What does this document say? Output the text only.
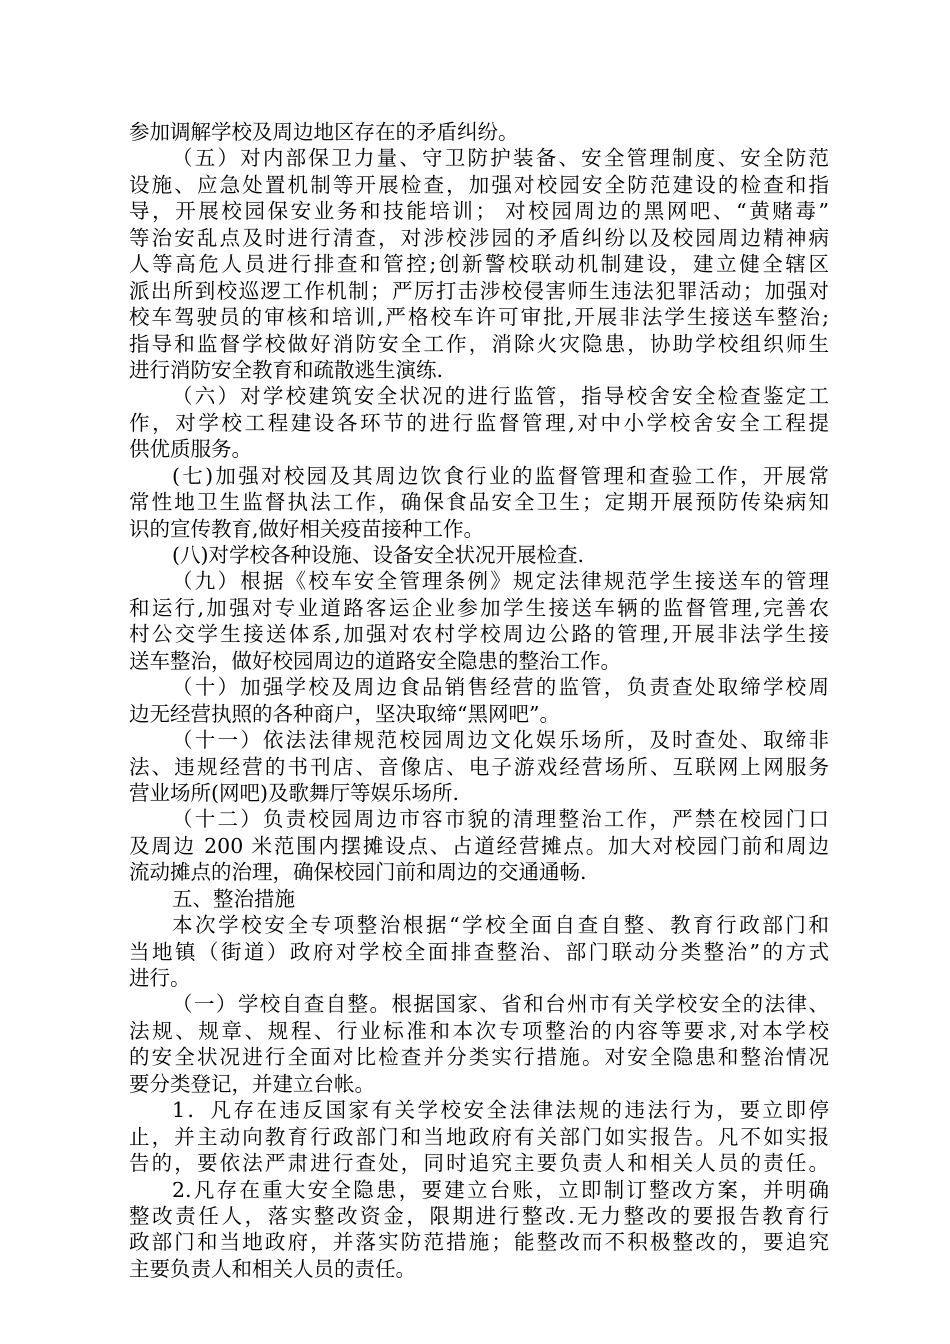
参加调解学校及周边地区存在的矛盾纠纷。
（五）对内部保卫力量、守卫防护装备、安全管理制度、安全防范
设施、应急处置机制等开展检查，加强对校园安全防范建设的检查和指
导，开展校园保安业务和技能培训； 对校园周边的黑网吧、“黄赌毒”
等治安乱点及时进行清查，对涉校涉园的矛盾纠纷以及校园周边精神病
人等高危人员进行排查和管控;创新警校联动机制建设，建立健全辖区
派出所到校巡逻工作机制；严厉打击涉校侵害师生违法犯罪活动；加强对
校车驾驶员的审核和培训,严格校车许可审批,开展非法学生接送车整治;
指导和监督学校做好消防安全工作，消除火灾隐患，协助学校组织师生
进行消防安全教育和疏散逃生演练.
（六）对学校建筑安全状况的进行监管，指导校舍安全检查鉴定工
作，对学校工程建设各环节的进行监督管理,对中小学校舍安全工程提
供优质服务。
(七)加强对校园及其周边饮食行业的监督管理和查验工作，开展常
常性地卫生监督执法工作，确保食品安全卫生；定期开展预防传染病知
识的宣传教育,做好相关疫苗接种工作。
(八)对学校各种设施、设备安全状况开展检查.
（九）根据《校车安全管理条例》规定法律规范学生接送车的管理
和运行,加强对专业道路客运企业参加学生接送车辆的监督管理,完善农
村公交学生接送体系,加强对农村学校周边公路的管理,开展非法学生接
送车整治，做好校园周边的道路安全隐患的整治工作。
（十）加强学校及周边食品销售经营的监管，负责查处取缔学校周
边无经营执照的各种商户，坚决取缔“黑网吧”。
（十一）依法法律规范校园周边文化娱乐场所，及时查处、取缔非
法、违规经营的书刊店、音像店、电子游戏经营场所、互联网上网服务
营业场所(网吧)及歌舞厅等娱乐场所.
（十二）负责校园周边市容市貌的清理整治工作，严禁在校园门口
及周边 200 米范围内摆摊设点、占道经营摊点。加大对校园门前和周边
流动摊点的治理，确保校园门前和周边的交通通畅.
五、整治措施
本次学校安全专项整治根据“学校全面自查自整、教育行政部门和
当地镇（街道）政府对学校全面排查整治、部门联动分类整治”的方式
进行。
（一）学校自查自整。根据国家、省和台州市有关学校安全的法律、
法规、规章、规程、行业标准和本次专项整治的内容等要求,对本学校
的安全状况进行全面对比检查并分类实行措施。对安全隐患和整治情况
要分类登记，并建立台帐。
1．凡存在违反国家有关学校安全法律法规的违法行为，要立即停
止，并主动向教育行政部门和当地政府有关部门如实报告。凡不如实报
告的，要依法严肃进行查处，同时追究主要负责人和相关人员的责任。
2.凡存在重大安全隐患，要建立台账，立即制订整改方案，并明确
整改责任人，落实整改资金，限期进行整改.无力整改的要报告教育行
政部门和当地政府，并落实防范措施；能整改而不积极整改的，要追究
主要负责人和相关人员的责任。
